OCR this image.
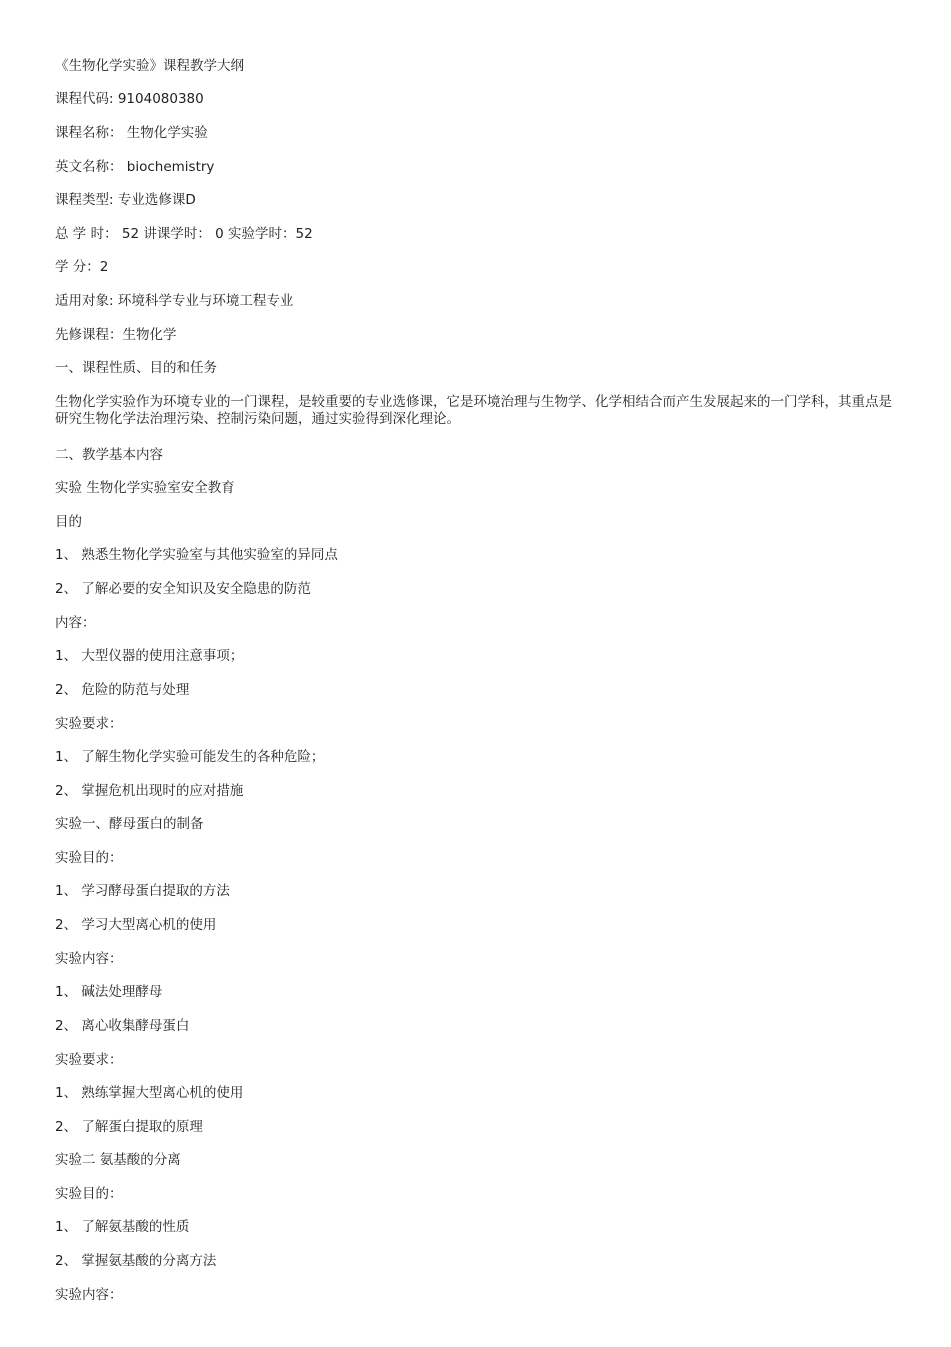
《生物化学实验》课程教学大纲
课程代码: 9104080380
课程名称： 生物化学实验
英文名称： biochemistry
课程类型: 专业选修课D
总 学 时： 52 讲课学时： 0 实验学时：52
学 分：2
适用对象: 环境科学专业与环境工程专业
先修课程：生物化学
一、课程性质、目的和任务
生物化学实验作为环境专业的一门课程，是较重要的专业选修课，它是环境治理与生物学、化学相结合而产生发展起来的一门学科，其重点是研究生物化学法治理污染、控制污染问题，通过实验得到深化理论。
二、教学基本内容
实验 生物化学实验室安全教育
目的
1、 熟悉生物化学实验室与其他实验室的异同点
2、 了解必要的安全知识及安全隐患的防范
内容：
1、 大型仪器的使用注意事项；
2、 危险的防范与处理
实验要求：
1、 了解生物化学实验可能发生的各种危险；
2、 掌握危机出现时的应对措施
实验一、酵母蛋白的制备
实验目的：
1、 学习酵母蛋白提取的方法
2、 学习大型离心机的使用
实验内容：
1、 碱法处理酵母
2、 离心收集酵母蛋白
实验要求：
1、 熟练掌握大型离心机的使用
2、 了解蛋白提取的原理
实验二 氨基酸的分离
实验目的：
1、 了解氨基酸的性质
2、 掌握氨基酸的分离方法
实验内容：
